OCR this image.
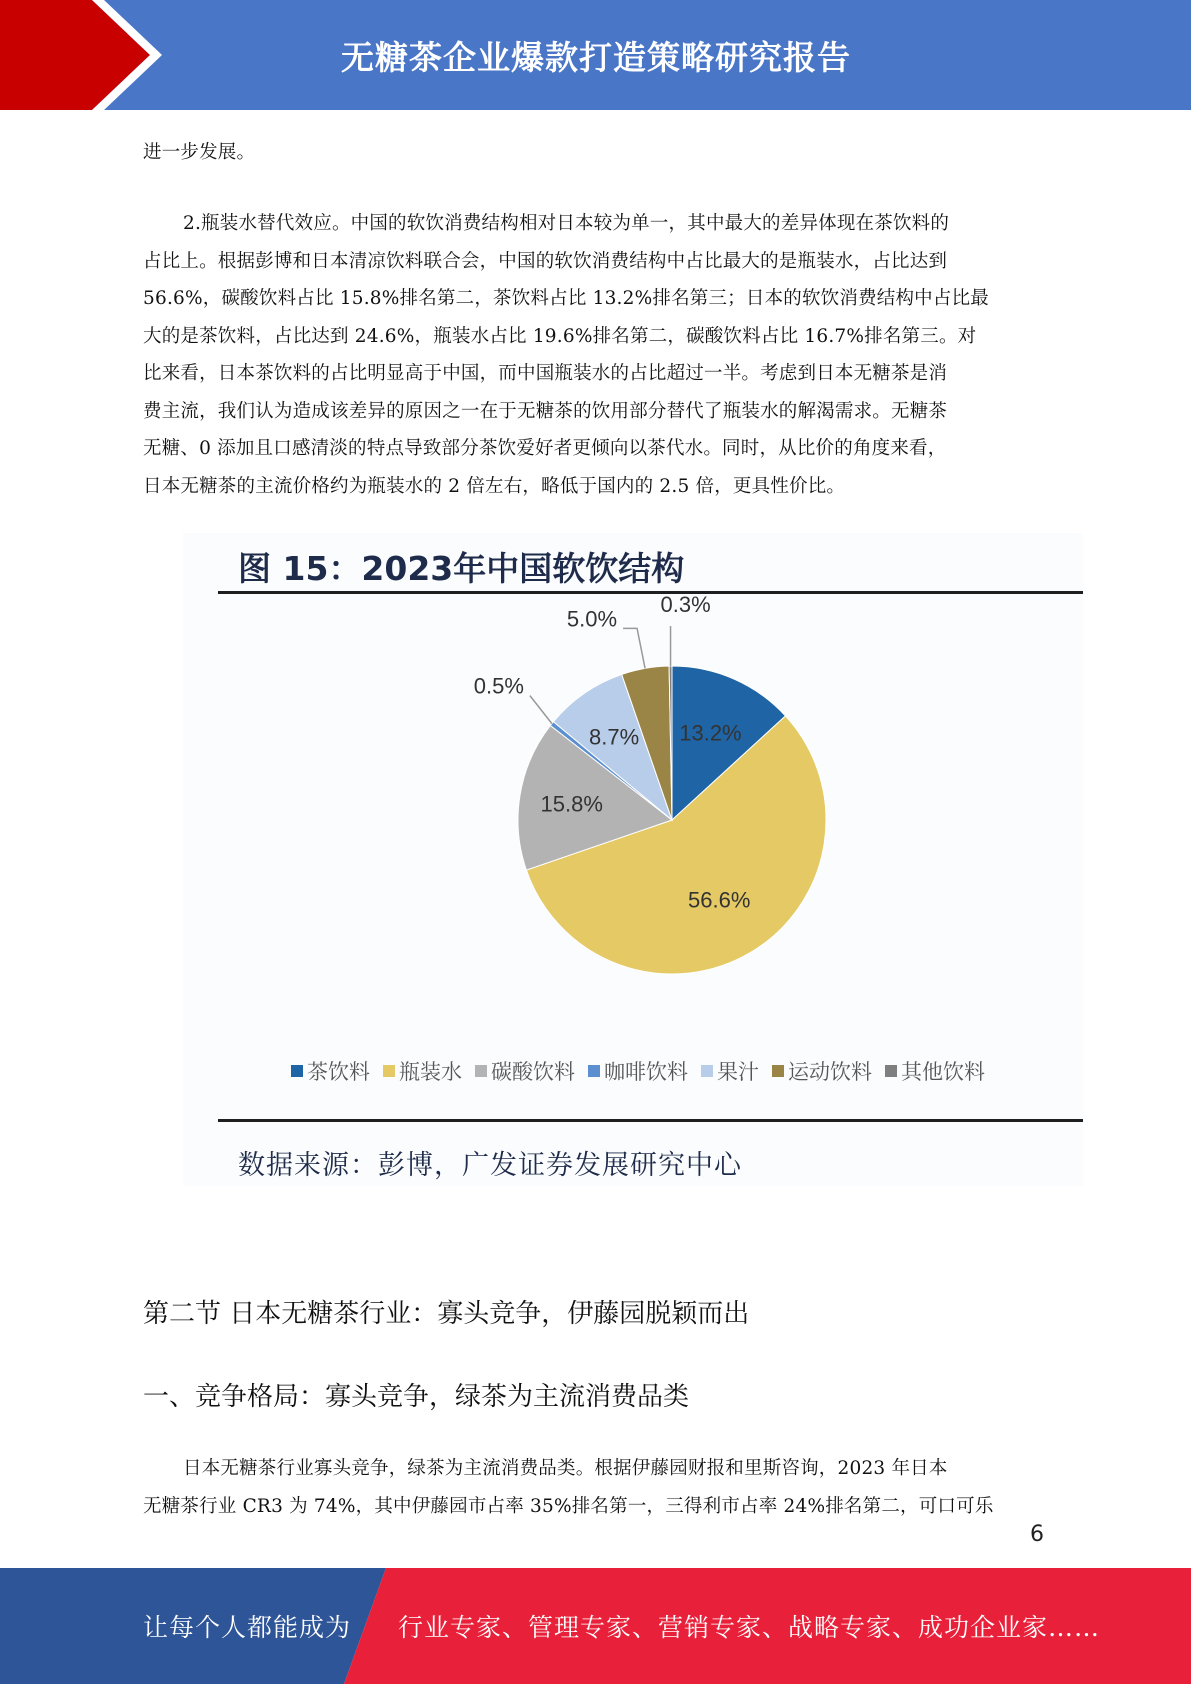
无糖茶企业爆款打造策略研究报告
进一步发展。
2.瓶装水替代效应。中国的软饮消费结构相对日本较为单一，其中最大的差异体现在茶饮料的
占比上。根据彭博和日本清凉饮料联合会，中国的软饮消费结构中占比最大的是瓶装水，占比达到
56.6%，碳酸饮料占比 15.8%排名第二，茶饮料占比 13.2%排名第三；日本的软饮消费结构中占比最
大的是茶饮料，占比达到 24.6%，瓶装水占比 19.6%排名第二，碳酸饮料占比 16.7%排名第三。对
比来看，日本茶饮料的占比明显高于中国，而中国瓶装水的占比超过一半。考虑到日本无糖茶是消
费主流，我们认为造成该差异的原因之一在于无糖茶的饮用部分替代了瓶装水的解渴需求。无糖茶
无糖、0 添加且口感清淡的特点导致部分茶饮爱好者更倾向以茶代水。同时，从比价的角度来看，
日本无糖茶的主流价格约为瓶装水的 2 倍左右，略低于国内的 2.5 倍，更具性价比。
图 15：2023年中国软饮结构
13.2%
56.6%
15.8%
0.5%
8.7%
5.0%
0.3%
茶饮料 瓶装水 碳酸饮料 咖啡饮料 果汁 运动饮料 其他饮料
数据来源：彭博，广发证券发展研究中心
第二节 日本无糖茶行业：寡头竞争，伊藤园脱颖而出
一、竞争格局：寡头竞争，绿茶为主流消费品类
日本无糖茶行业寡头竞争，绿茶为主流消费品类。根据伊藤园财报和里斯咨询，2023 年日本
无糖茶行业 CR3 为 74%，其中伊藤园市占率 35%排名第一，三得利市占率 24%排名第二，可口可乐
6
让每个人都能成为 行业专家、管理专家、营销专家、战略专家、成功企业家……
